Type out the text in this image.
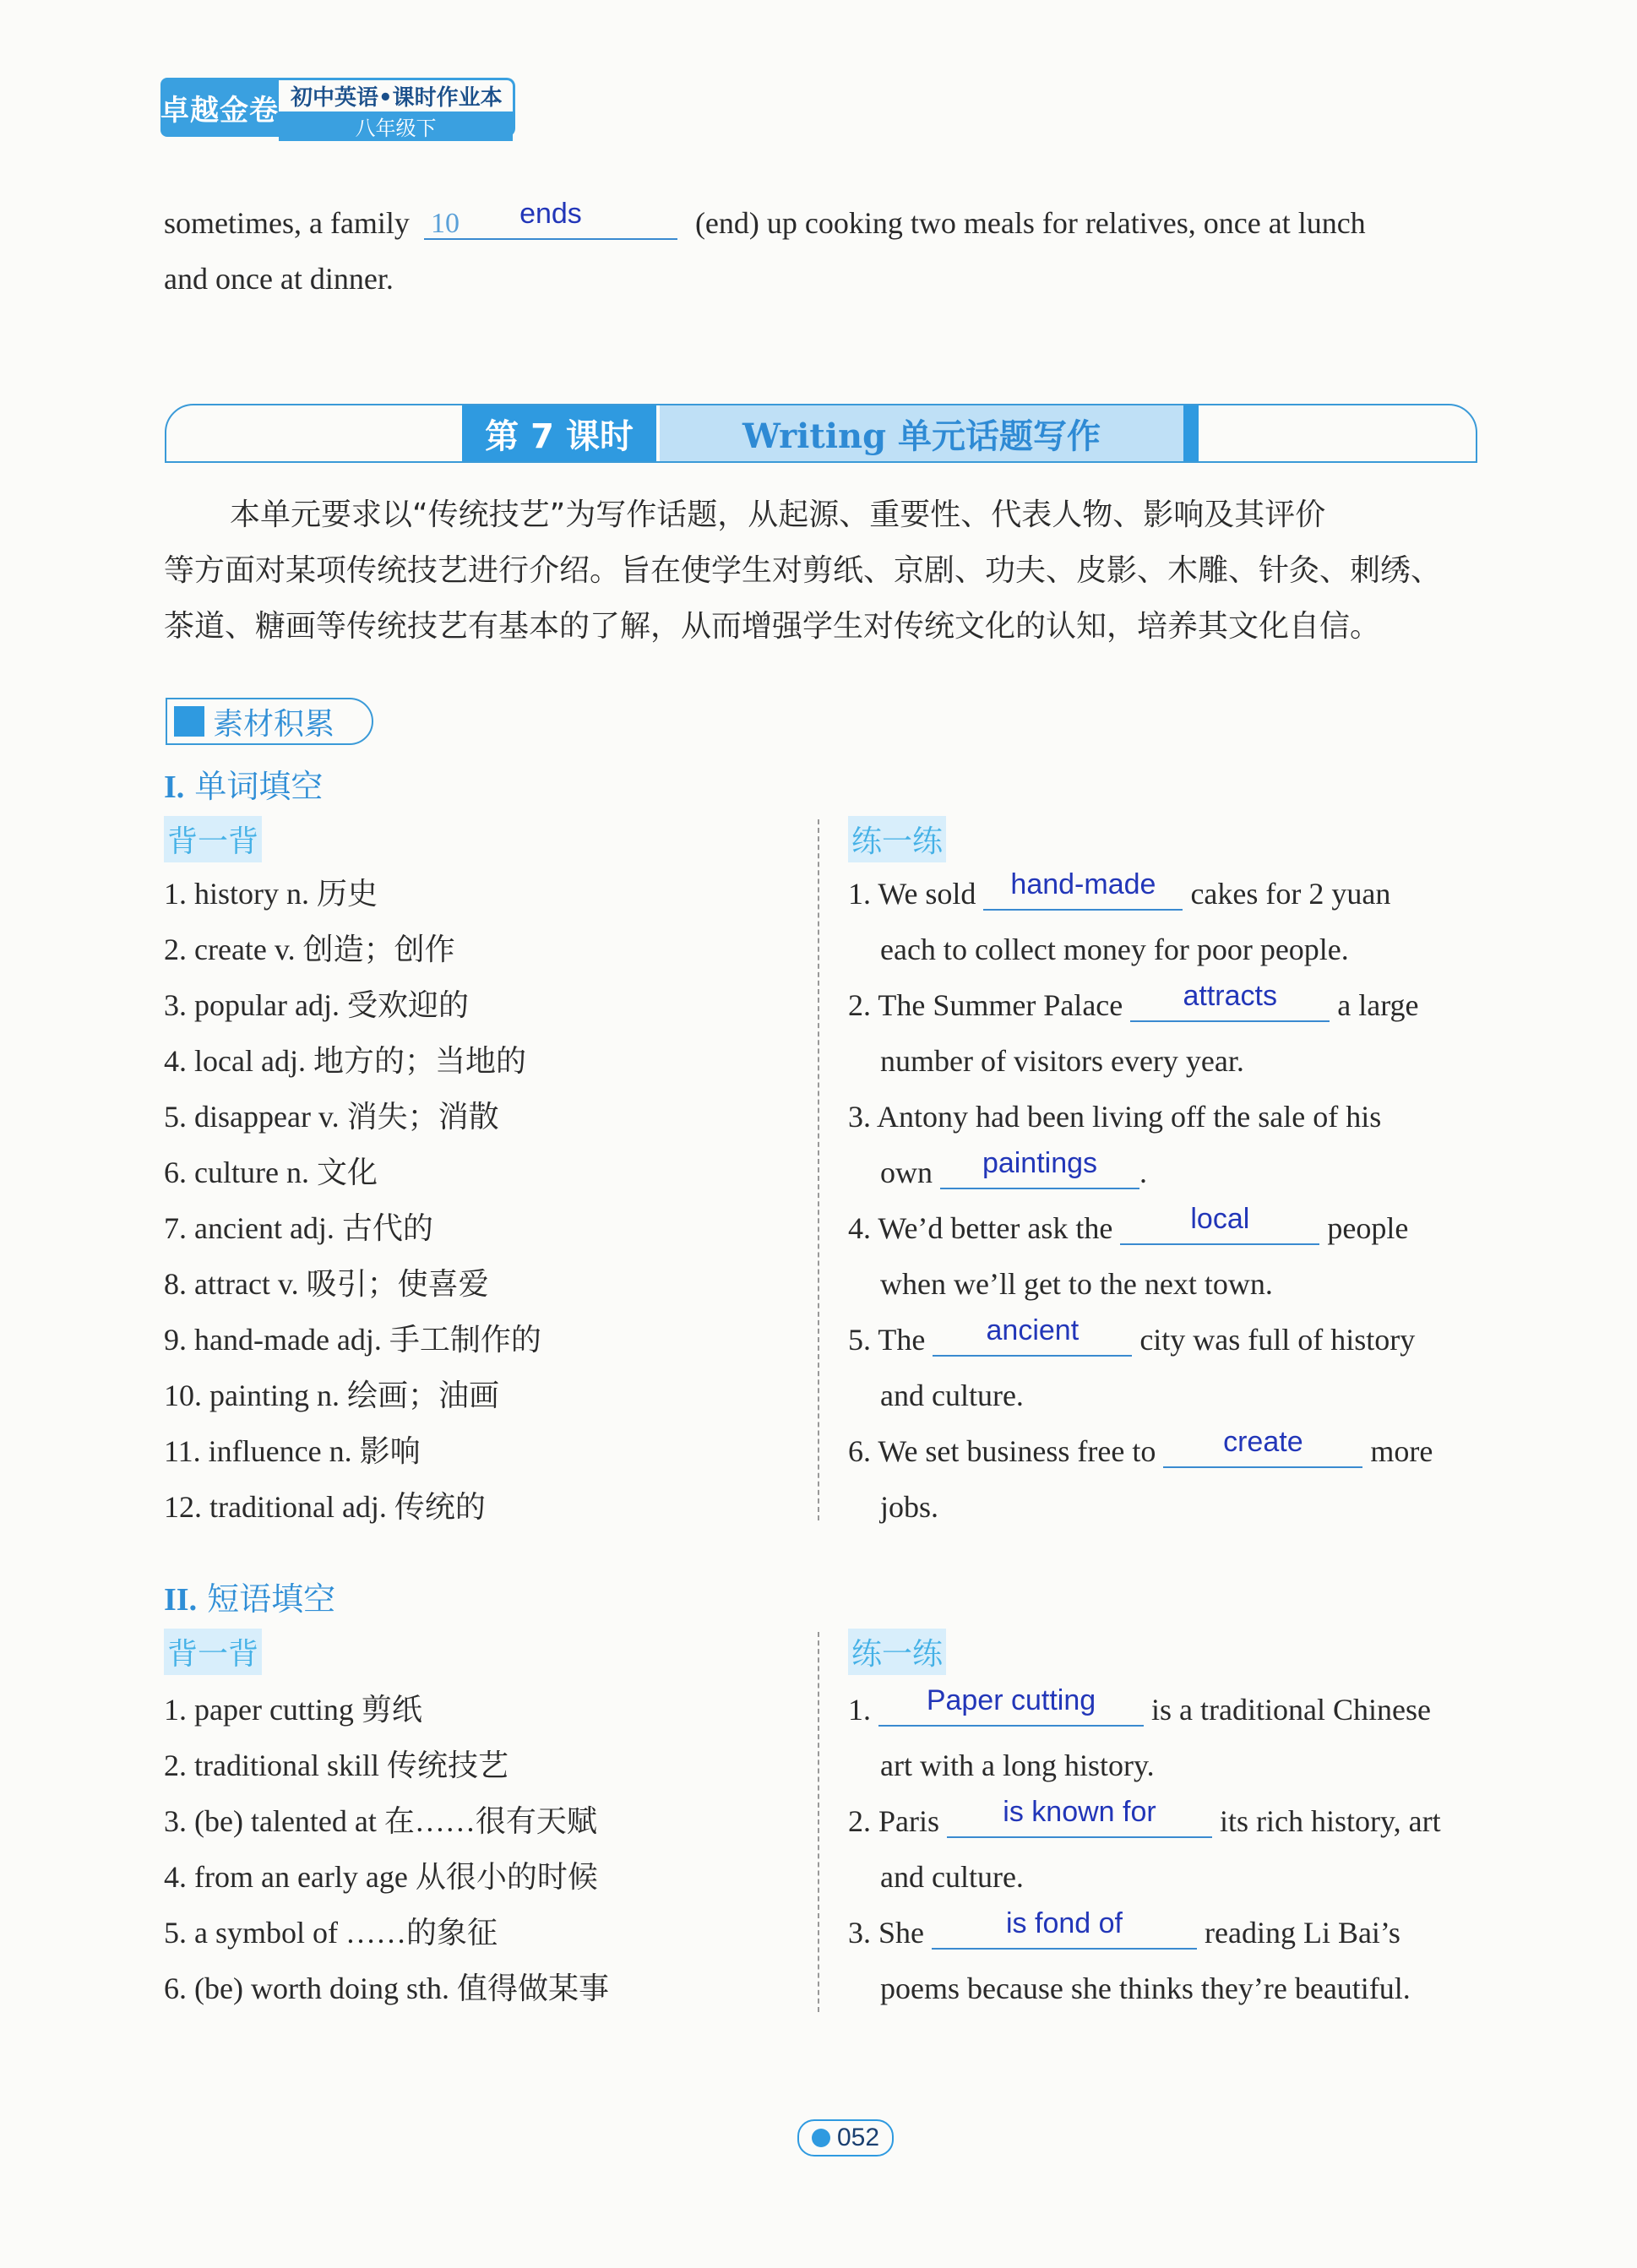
卓越金卷 初中英语•课时作业本
八年级下
sometimes, a family 10	ends	(end) up cooking two meals for relatives, once at lunch
and once at dinner.
第 7 课时	Writing 单元话题写作
本单元要求以“传统技艺”为写作话题，从起源、重要性、代表人物、影响及其评价
等方面对某项传统技艺进行介绍。旨在使学生对剪纸、京剧、功夫、皮影、木雕、针灸、刺绣、
茶道、糖画等传统技艺有基本的了解，从而增强学生对传统文化的认知，培养其文化自信。
素材积累
I. 单词填空
背一背	练一练
1. history n. 历史
2. create v. 创造；创作
3. popular adj. 受欢迎的
4. local adj. 地方的；当地的
5. disappear v. 消失；消散
6. culture n. 文化
7. ancient adj. 古代的
8. attract v. 吸引；使喜爱
9. hand-made adj. 手工制作的
10. painting n. 绘画；油画
11. influence n. 影响
12. traditional adj. 传统的
1. We sold	hand-made	cakes for 2 yuan
each to collect money for poor people.
2. The Summer Palace	attracts	a large
number of visitors every year.
3. Antony had been living off the sale of his
own	paintings	.
4. We’d better ask the	local	people
when we’ll get to the next town.
5. The	ancient	city was full of history
and culture.
6. We set business free to	create	more
jobs.
II. 短语填空
背一背	练一练
1. paper cutting 剪纸
2. traditional skill 传统技艺
3. (be) talented at 在……很有天赋
4. from an early age 从很小的时候
5. a symbol of ……的象征
6. (be) worth doing sth. 值得做某事
1.	Paper cutting	is a traditional Chinese
art with a long history.
2. Paris	is known for	its rich history, art
and culture.
3. She	is fond of	reading Li Bai’s
poems because she thinks they’re beautiful.
052
